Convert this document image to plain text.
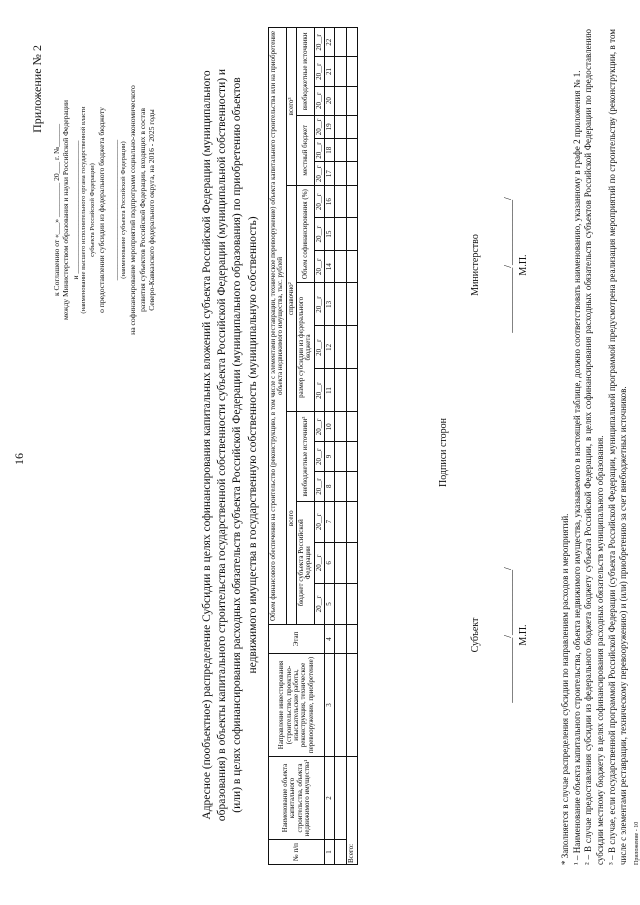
16
Приложение № 2
к Соглашению от «___» _________ 20___ г. №______ между Министерством образования и науки Российской Федерации и ___________________________________ (наименование высшего исполнительного органа государственной власти субъекта Российской Федерации) о предоставлении субсидии из федерального бюджета бюджету _____________________________________ (наименование субъекта Российской Федерации) на софинансирование мероприятий подпрограмм социально-экономического развития субъектов Российской Федерации, входящих в состав Северо-Кавказского федерального округа, на 2016 - 2025 годы	Адресное (пообъектное) распределение Субсидии в целях софинансирования капитальных вложений субъекта Российской Федерации (муниципального образования) в объекты капитального строительства государственной собственности субъекта Российской Федерации (муниципальной собственности) и (или) в целях софинансирования расходных обязательств субъекта Российской Федерации (муниципального образования) по приобретению объектов недвижимого имущества в государственную собственность (муниципальную собственность)
№ п/п	Наименование объекта капитального строительства, объекта недвижимого имущества¹	Направление инвестирования (строительство, проектно-изыскательские работы, реконструкция, техническое перевооружение, приобретение)	Этап	Объем финансового обеспечения на строительство (реконструкцию, в том числе с элементами реставрации, техническое перевооружение) объекта капитального строительства или на приобретение объекта недвижимого имущества, тыс. рублей																	
				всего						справочно²						всего³					
				бюджет субъекта Российской Федерации			внебюджетные источники³			размер субсидии из федерального бюджета			Объем софинансирования (%)			местный бюджет			внебюджетные источники		
				20__г	20__г	20__г	20__г	20__г	20__г	20__г	20__г	20__г	20__г	20__г	20__г	20__г	20__г	20__г	20__г	20__г	20__г
1	2	3	4	5	6	7	8	9	10	11	12	13	14	15	16	17	18	19	20	21	22

Всего:																					
Подписи сторон
Субъект _____________/_____________/ М.П.
Министерство _____________/_____________/ М.П.

* Заполняется в случае распределения субсидии по направлениям расходов и мероприятий. ¹ – Наименование объекта капитального строительства, объекта недвижимого имущества, указываемого в настоящей таблице, должно соответствовать наименованию, указанному в графе 2 приложения № 1. ² – В случае предоставления субсидии из федерального бюджета бюджету субъекта Российской Федерации, в целях софинансирования расходных обязательств субъектов Российской Федерации по предоставлению субсидии местному бюджету в целях софинансирования расходных обязательств муниципального образования. ³ – В случае, если государственной программой Российской Федерации (субъекта Российской Федерации, муниципальной программой предусмотрена реализация мероприятий по строительству (реконструкции, в том числе с элементами реставрации, техническому перевооружению) и (или) приобретению за счет внебюджетных источников. Приложение - 10
